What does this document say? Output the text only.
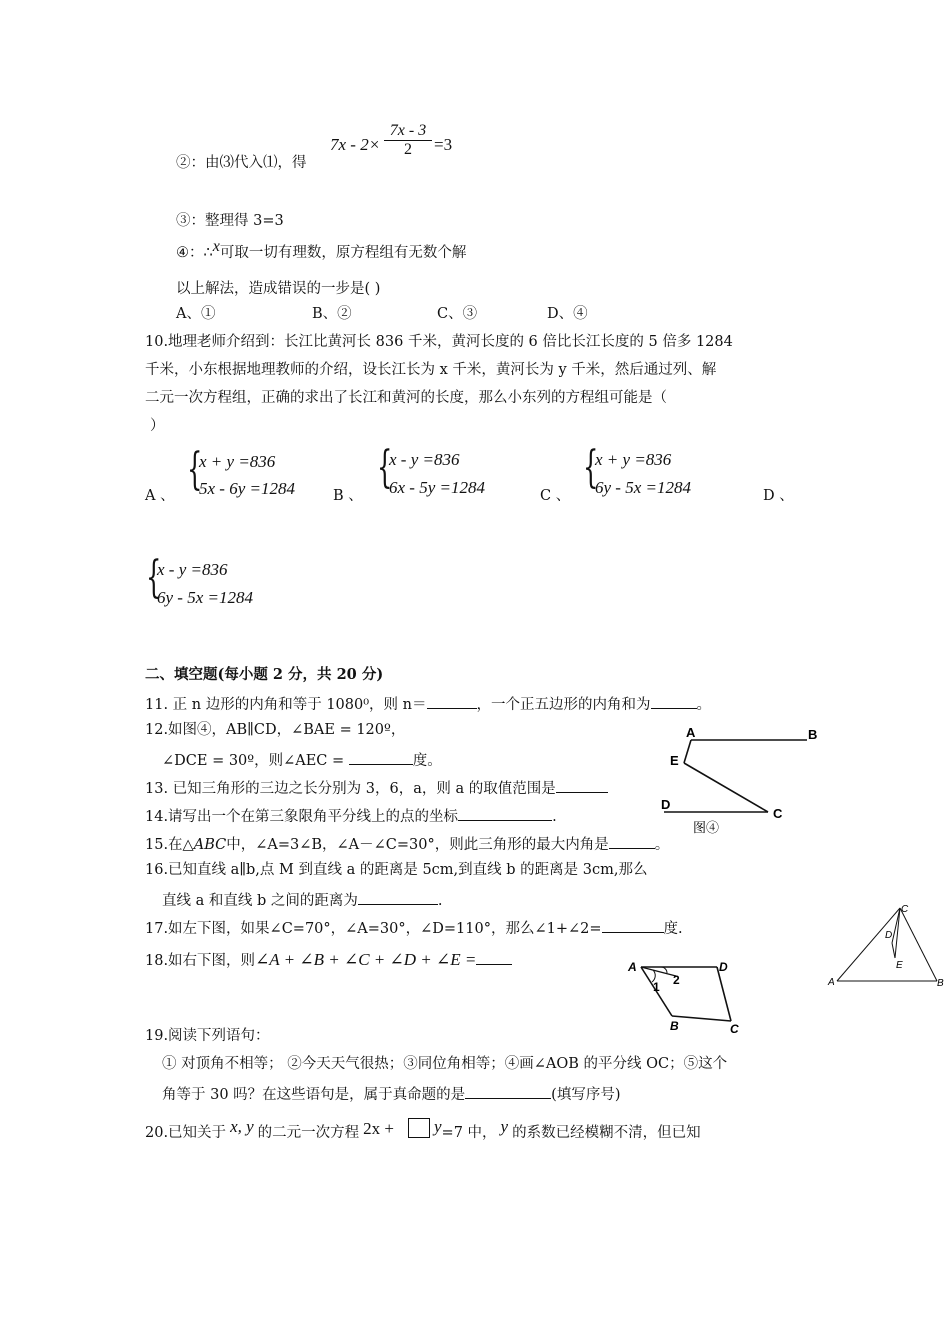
②：由⑶代入⑴，得
$7x - 2\times \frac{7x - 3}{2} =3$
③：整理得 3=3
④：∴x可取一切有理数，原方程组有无数个解
以上解法，造成错误的一步是( )
A、①	B、②	C、③	D、④
10.地理老师介绍到：长江比黄河长 836 千米，黄河长度的 6 倍比长江长度的 5 倍多 1284
千米，小东根据地理教师的介绍，设长江长为 x 千米，黄河长为 y 千米，然后通过列、解
二元一次方程组，正确的求出了长江和黄河的长度，那么小东列的方程组可能是（
）
A 、
{
x + y =836
5x - 6y =1284	B 、
{
x - y =836
6x - 5y =1284	C 、
{
x + y =836
6y - 5x =1284	D 、
{
x - y =836
6y - 5x =1284
二、填空题(每小题 2 分，共 20 分)
11. 正 n 边形的内角和等于 1080⁰，则 n＝	，一个正五边形的内角和为	。
12.如图④，AB∥CD，∠BAE = 120º，
∠DCE = 30º，则∠AEC =	度。
13. 已知三角形的三边之长分别为 3，6，a，则 a 的取值范围是
14.请写出一个在第三象限角平分线上的点的坐标	.
15.在△ABC中，∠A=3∠B，∠A－∠C=30°，则此三角形的最大内角是	。
16.已知直线 a∥b,点 M 到直线 a 的距离是 5cm,到直线 b 的距离是 3cm,那么
直线 a 和直线 b 之间的距离为	.
17.如左下图，如果∠C=70°，∠A=30°，∠D=110°，那么∠1+∠2=	度.
18.如右下图，则∠A + ∠B + ∠C + ∠D + ∠E =
19.阅读下列语句：
① 对顶角不相等； ②今天天气很热；③同位角相等；④画∠AOB 的平分线 OC；⑤这个
角等于 30 吗？在这些语句是，属于真命题的是	(填写序号)
20.已知关于 x, y 的二元一次方程 2x + y=7 中， y 的系数已经模糊不清，但已知
A	B
E
D
C
图④
A	B
C
D
E
A	D
B	C
1 2
